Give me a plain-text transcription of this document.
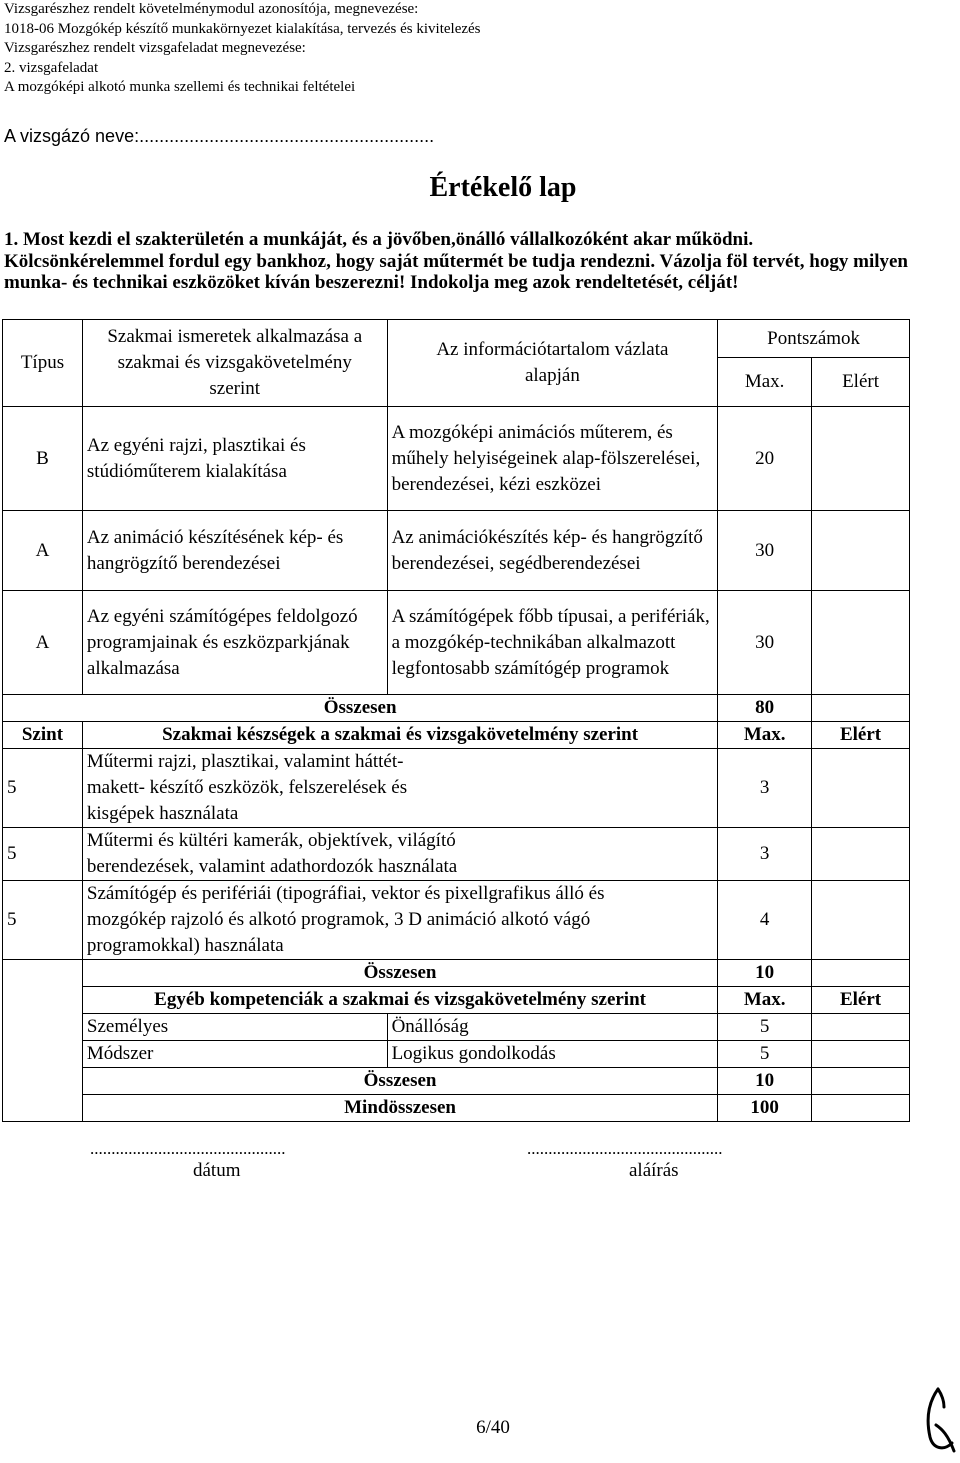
Vizsgarészhez rendelt követelménymodul azonosítója, megnevezése:
1018-06 Mozgókép készítő munkakörnyezet kialakítása, tervezés és kivitelezés
Vizsgarészhez rendelt vizsgafeladat megnevezése:
2. vizsgafeladat
A mozgóképi alkotó munka szellemi és technikai feltételei
A vizsgázó neve:...........................................................
Értékelő lap

1. Most kezdi el szakterületén a munkáját, és a jövőben,önálló vállalkozóként akar működni.

Kölcsönkérelemmel fordul egy bankhoz, hogy saját műtermét be tudja rendezni. Vázolja föl tervét, hogy milyen munka- és technikai eszközöket kíván beszerezni! Indokolja meg azok rendeltetését, célját!

Típus	Szakmai ismeretek alkalmazása a szakmai és vizsgakövetelmény szerint	Az információtartalom vázlata alapján	Pontszámok	
			Max.	Elért
B	Az egyéni rajzi, plasztikai és stúdióműterem kialakítása	A mozgóképi animációs műterem, és műhely helyiségeinek alap-fölszerelései, berendezései, kézi eszközei	20	
A	Az animáció készítésének kép- és hangrögzítő berendezései	Az animációkészítés kép- és hangrögzítő berendezései, segédberendezései	30	
A	Az egyéni számítógépes feldolgozó programjainak és eszközparkjának alkalmazása	A számítógépek főbb típusai, a perifériák, a mozgókép-technikában alkalmazott legfontosabb számítógép programok	30	
Összesen			80	
Szint	Szakmai készségek a szakmai és vizsgakövetelmény szerint		Max.	Elért
5	Műtermi rajzi, plasztikai, valamint háttét-makett- készítő eszközök, felszerelések és kisgépek használata		3	
5	Műtermi és kültéri kamerák, objektívek, világító berendezések, valamint adathordozók használata		3	
5	Számítógép és perifériái (tipográfiai, vektor és pixellgrafikus álló és mozgókép rajzoló és alkotó programok, 3 D animáció alkotó vágó programokkal) használata		4	
	Összesen		10	
	Egyéb kompetenciák a szakmai és vizsgakövetelmény szerint		Max.	Elért
	Személyes	Önállóság	5	
	Módszer	Logikus gondolkodás	5	
	Összesen		10	
	Mindösszesen		100	
..............................................
dátum
..............................................
aláírás
6/40
